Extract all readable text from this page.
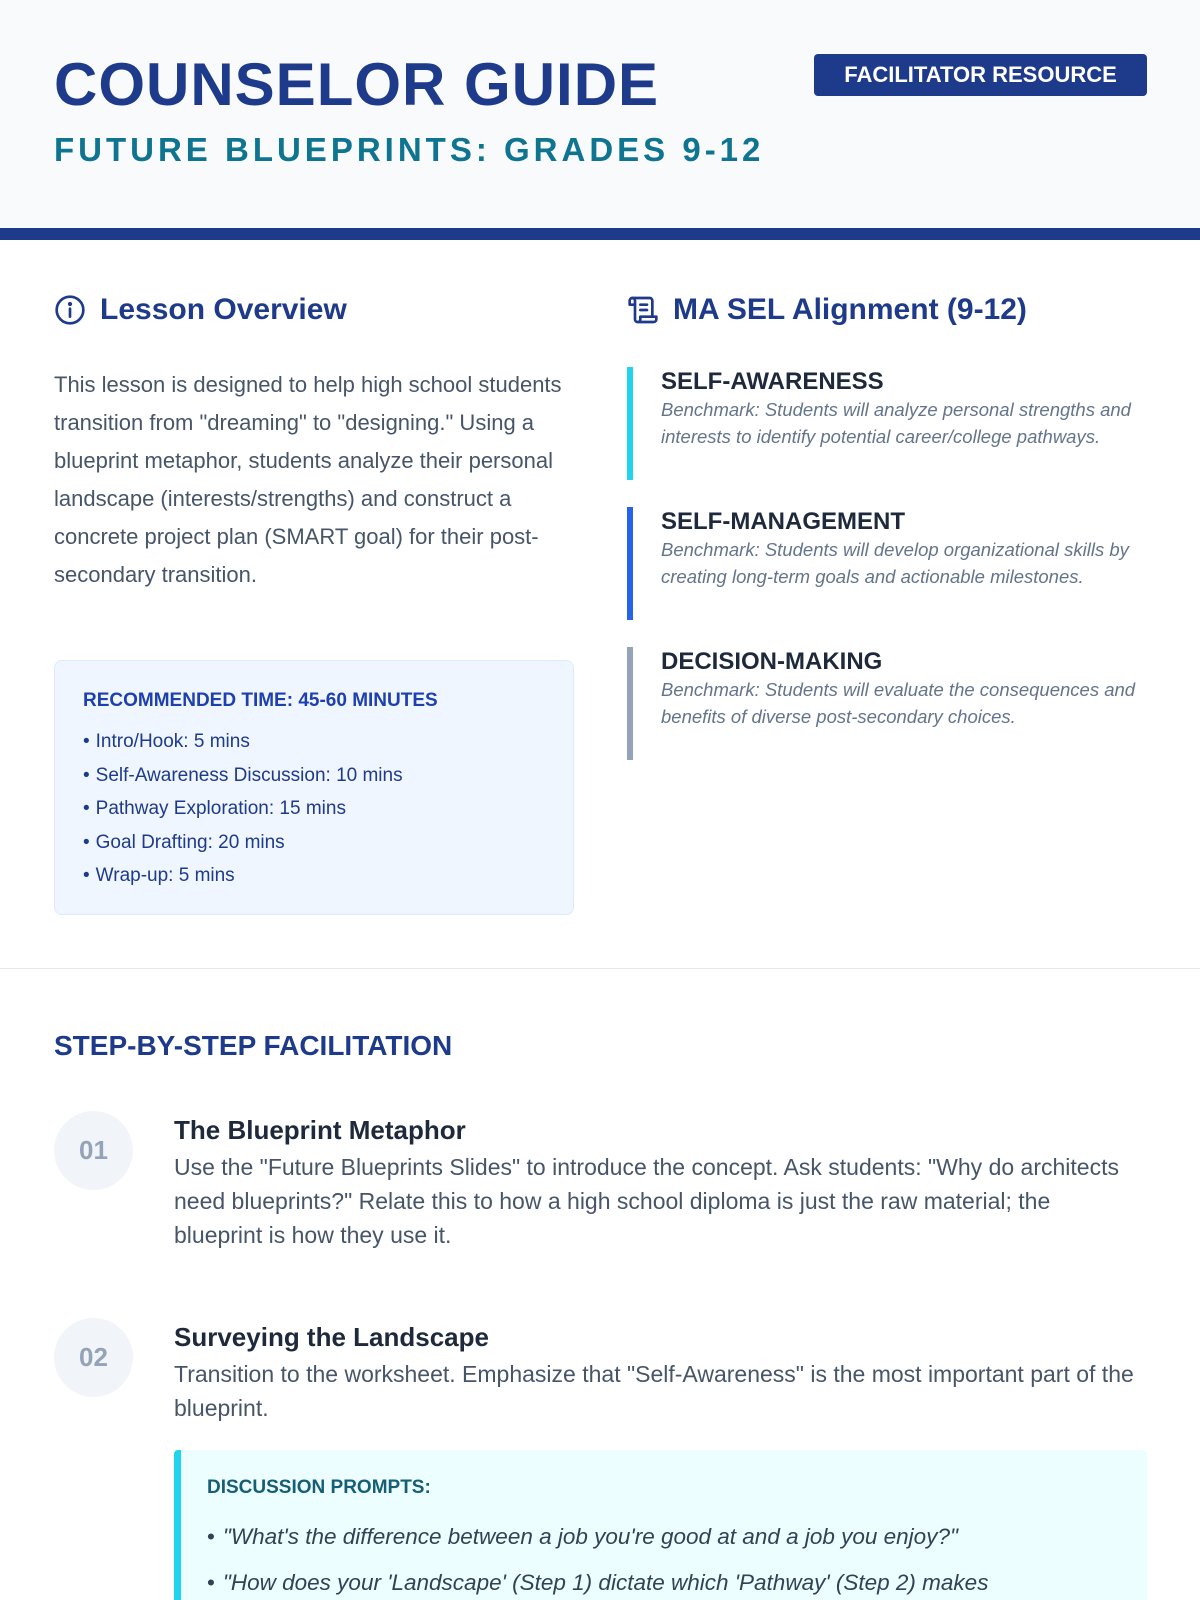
COUNSELOR GUIDE
FUTURE BLUEPRINTS: GRADES 9-12
FACILITATOR RESOURCE
Lesson Overview
This lesson is designed to help high school students transition from "dreaming" to "designing." Using a blueprint metaphor, students analyze their personal landscape (interests/strengths) and construct a concrete project plan (SMART goal) for their post-secondary transition.
RECOMMENDED TIME: 45-60 MINUTES
• Intro/Hook: 5 mins
• Self-Awareness Discussion: 10 mins
• Pathway Exploration: 15 mins
• Goal Drafting: 20 mins
• Wrap-up: 5 mins
MA SEL Alignment (9-12)
SELF-AWARENESS
Benchmark: Students will analyze personal strengths and interests to identify potential career/college pathways.
SELF-MANAGEMENT
Benchmark: Students will develop organizational skills by creating long-term goals and actionable milestones.
DECISION-MAKING
Benchmark: Students will evaluate the consequences and benefits of diverse post-secondary choices.
STEP-BY-STEP FACILITATION
01
The Blueprint Metaphor
Use the "Future Blueprints Slides" to introduce the concept. Ask students: "Why do architects need blueprints?" Relate this to how a high school diploma is just the raw material; the blueprint is how they use it.
02
Surveying the Landscape
Transition to the worksheet. Emphasize that "Self-Awareness" is the most important part of the blueprint.
DISCUSSION PROMPTS:
• "What's the difference between a job you're good at and a job you enjoy?"
• "How does your 'Landscape' (Step 1) dictate which 'Pathway' (Step 2) makes
